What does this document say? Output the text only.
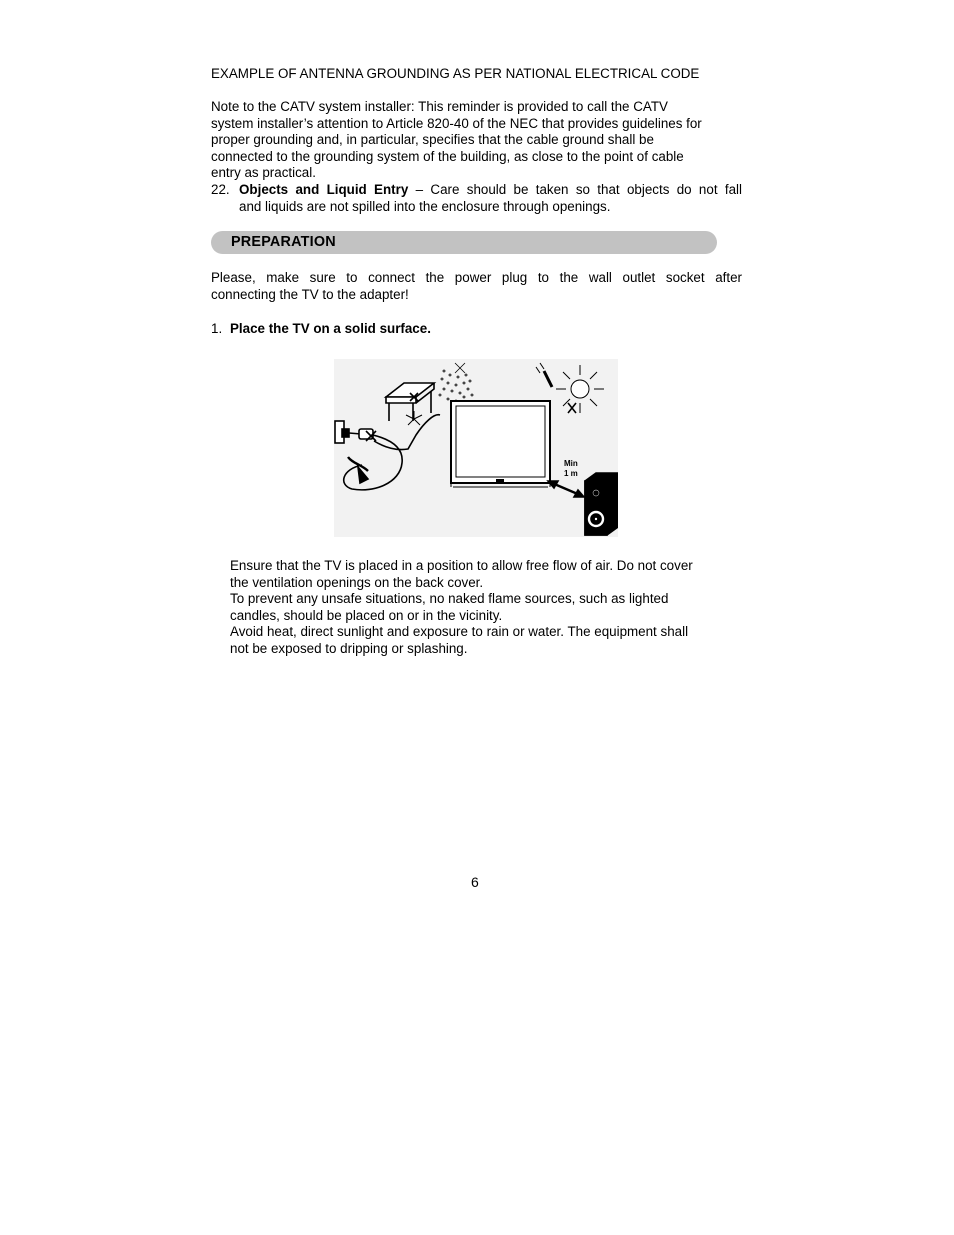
EXAMPLE OF ANTENNA GROUNDING AS PER NATIONAL ELECTRICAL CODE
Note to the CATV system installer: This reminder is provided to call the CATV
system installer’s attention to Article 820-40 of the NEC that provides guidelines for
proper grounding and, in particular, specifies that the cable ground shall be
connected to the grounding system of the building, as close to the point of cable
entry as practical.
22. Objects and Liquid Entry – Care should be taken so that objects do not fall
and liquids are not spilled into the enclosure through openings.
PREPARATION
Please, make sure to connect the power plug to the wall outlet socket after
connecting the TV to the adapter!
1. Place the TV on a solid surface.
Min
1 m
Ensure that the TV is placed in a position to allow free flow of air. Do not cover
the ventilation openings on the back cover.
To prevent any unsafe situations, no naked flame sources, such as lighted
candles, should be placed on or in the vicinity.
Avoid heat, direct sunlight and exposure to rain or water. The equipment shall
not be exposed to dripping or splashing.
6
